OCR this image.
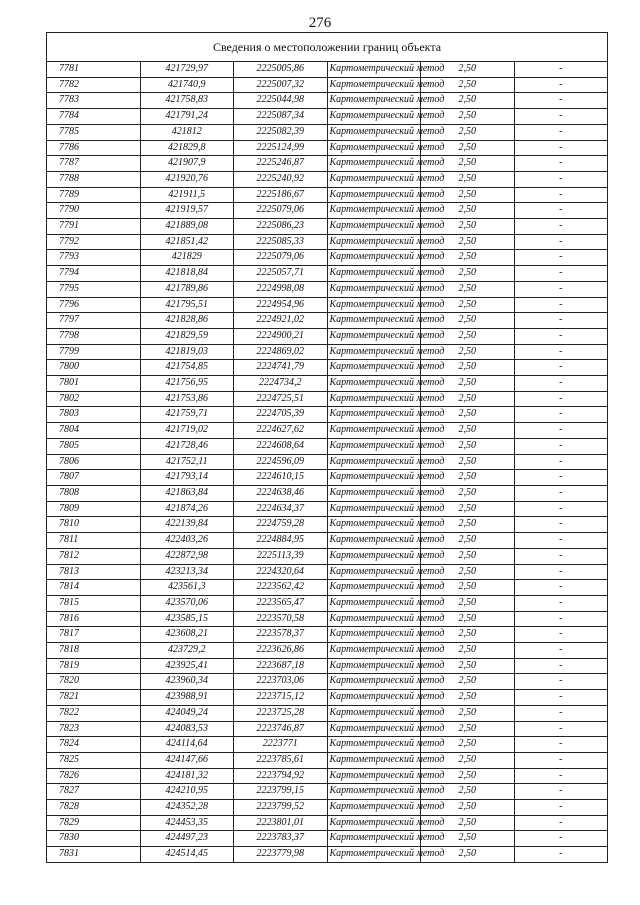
276
Сведения о местоположении границ объекта					
7781	421729,97	2225005,86	Картометрический метод	2,50	-
7782	421740,9	2225007,32	Картометрический метод	2,50	-
7783	421758,83	2225044,98	Картометрический метод	2,50	-
7784	421791,24	2225087,34	Картометрический метод	2,50	-
7785	421812	2225082,39	Картометрический метод	2,50	-
7786	421829,8	2225124,99	Картометрический метод	2,50	-
7787	421907,9	2225246,87	Картометрический метод	2,50	-
7788	421920,76	2225240,92	Картометрический метод	2,50	-
7789	421911,5	2225186,67	Картометрический метод	2,50	-
7790	421919,57	2225079,06	Картометрический метод	2,50	-
7791	421889,08	2225086,23	Картометрический метод	2,50	-
7792	421851,42	2225085,33	Картометрический метод	2,50	-
7793	421829	2225079,06	Картометрический метод	2,50	-
7794	421818,84	2225057,71	Картометрический метод	2,50	-
7795	421789,86	2224998,08	Картометрический метод	2,50	-
7796	421795,51	2224954,96	Картометрический метод	2,50	-
7797	421828,86	2224921,02	Картометрический метод	2,50	-
7798	421829,59	2224900,21	Картометрический метод	2,50	-
7799	421819,03	2224869,02	Картометрический метод	2,50	-
7800	421754,85	2224741,79	Картометрический метод	2,50	-
7801	421756,95	2224734,2	Картометрический метод	2,50	-
7802	421753,86	2224725,51	Картометрический метод	2,50	-
7803	421759,71	2224705,39	Картометрический метод	2,50	-
7804	421719,02	2224627,62	Картометрический метод	2,50	-
7805	421728,46	2224608,64	Картометрический метод	2,50	-
7806	421752,11	2224596,09	Картометрический метод	2,50	-
7807	421793,14	2224610,15	Картометрический метод	2,50	-
7808	421863,84	2224638,46	Картометрический метод	2,50	-
7809	421874,26	2224634,37	Картометрический метод	2,50	-
7810	422139,84	2224759,28	Картометрический метод	2,50	-
7811	422403,26	2224884,95	Картометрический метод	2,50	-
7812	422872,98	2225113,39	Картометрический метод	2,50	-
7813	423213,34	2224320,64	Картометрический метод	2,50	-
7814	423561,3	2223562,42	Картометрический метод	2,50	-
7815	423570,06	2223565,47	Картометрический метод	2,50	-
7816	423585,15	2223570,58	Картометрический метод	2,50	-
7817	423608,21	2223578,37	Картометрический метод	2,50	-
7818	423729,2	2223626,86	Картометрический метод	2,50	-
7819	423925,41	2223687,18	Картометрический метод	2,50	-
7820	423960,34	2223703,06	Картометрический метод	2,50	-
7821	423988,91	2223715,12	Картометрический метод	2,50	-
7822	424049,24	2223725,28	Картометрический метод	2,50	-
7823	424083,53	2223746,87	Картометрический метод	2,50	-
7824	424114,64	2223771	Картометрический метод	2,50	-
7825	424147,66	2223785,61	Картометрический метод	2,50	-
7826	424181,32	2223794,92	Картометрический метод	2,50	-
7827	424210,95	2223799,15	Картометрический метод	2,50	-
7828	424352,28	2223799,52	Картометрический метод	2,50	-
7829	424453,35	2223801,01	Картометрический метод	2,50	-
7830	424497,23	2223783,37	Картометрический метод	2,50	-
7831	424514,45	2223779,98	Картометрический метод	2,50	-
